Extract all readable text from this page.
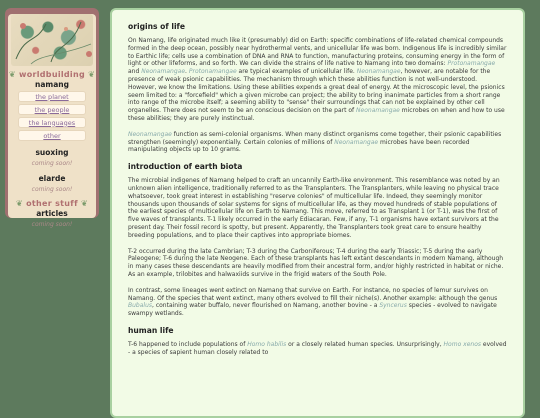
❦ worldbuilding ❦
namang
the planet
the people
the languages
other
suoxing
coming soon!
elarde
coming soon!
❦ other stuff ❦
articles
coming soon!
origins of life

On Namang, life originated much like it (presumably) did on Earth: specific combinations of life-related chemical compounds formed in the deep ocean, possibly near hydrothermal vents, and unicellular life was born. Indigenous life is incredibly similar to Earthic life; cells use a combination of DNA and RNA to function, manufacturing proteins, consuming energy in the form of light or other lifeforms, and so forth. We can divide the strains of life native to Namang into two domains: Protonamangae and Neonamangae. Protonamangae are typical examples of unicellular life. Neonamangae, however, are notable for the presence of weak psionic capabilities. The mechanism through which these abilities function is not well-understood. However, we know the limitations. Using these abilities expends a great deal of energy. At the microscopic level, the psionics seem limited to: a "forcefield" which a given microbe can project; the ability to bring inanimate particles from a short range into range of the microbe itself; a seeming ability to "sense" their surroundings that can not be explained by other cell organelles. There does not seem to be an conscious decision on the part of Neonamangae microbes on when and how to use these abilities; they are purely instinctual.

Neonamangae function as semi-colonial organisms. When many distinct organisms come together, their psionic capabilities strengthen (seemingly) exponentially. Certain colonies of millions of Neonamangae microbes have been recorded manipulating objects up to 10 grams.

introduction of earth biota

The microbial indigenes of Namang helped to craft an uncannily Earth-like environment. This resemblance was noted by an unknown alien intelligence, traditionally referred to as the Transplanters. The Transplanters, while leaving no physical trace whatsoever, took great interest in establishing "reserve colonies" of multicellular life. Indeed, they seemingly monitor thousands upon thousands of solar systems for signs of multicellular life, as they moved hundreds of stable populations of the earliest species of multicellular life on Earth to Namang. This move, referred to as Transplant 1 (or T-1), was the first of five waves of transplants. T-1 likely occurred in the early Ediacaran. Few, if any, T-1 organisms have extant survivors at the present day. Their fossil record is spotty, but present. Apparently, the Transplanters took great care to ensure healthy breeding populations, and to place their captives into appropriate biomes.

T-2 occurred during the late Cambrian; T-3 during the Carboniferous; T-4 during the early Triassic; T-5 during the early Paleogene; T-6 during the late Neogene. Each of these transplants has left extant descendants in modern Namang, although in many cases these descendants are heavily modified from their ancestral form, and/or highly restricted in habitat or niche. As an example, trilobites and halwaxiids survive in the frigid waters of the South Pole.

In contrast, some lineages went extinct on Namang that survive on Earth. For instance, no species of lemur survives on Namang. Of the species that went extinct, many others evolved to fill their niche(s). Another example: although the genus Bubalus, containing water buffalo, never flourished on Namang, another bovine - a Syncerus species - evolved to navigate swampy wetlands.

human life

T-6 happened to include populations of Homo habilis or a closely related human species. Unsurprisingly, Homo xenos evolved - a species of sapient human closely related to
